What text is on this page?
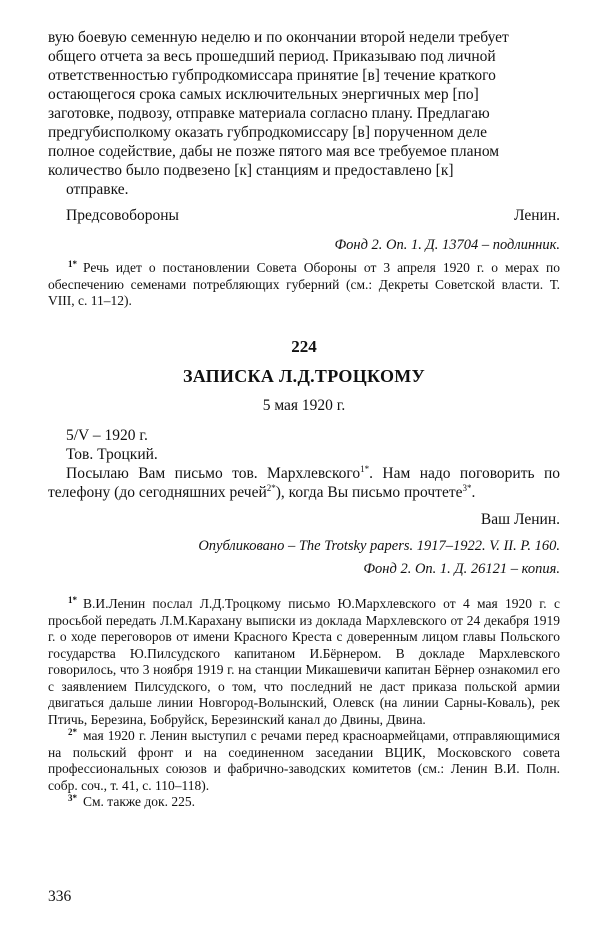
вую боевую семенную неделю и по окончании второй недели требует

общего отчета за весь прошедший период. Приказываю под личной

ответственностью губпродкомиссара принятие [в] течение краткого

остающегося срока самых исключительных энергичных мер [по]

заготовке, подвозу, отправке материала согласно плану. Предлагаю

предгубисполкому оказать губпродкомиссару [в] порученном деле

полное содействие, дабы не позже пятого мая все требуемое планом

количество было подвезено [к] станциям и предоставлено [к]

отправке.

Предсовобороны	Ленин.

Фонд 2. Оп. 1. Д. 13704 – подлинник.

$^{1*}$ Речь идет о постановлении Совета Обороны от 3 апреля 1920 г. о мерах по обеспечению семенами потребляющих губерний (см.: Декреты Советской власти. Т. VIII, с. 11–12).

224
ЗАПИСКА Л.Д.ТРОЦКОМУ
5 мая 1920 г.

5/V – 1920 г.

Тов. Троцкий.

Посылаю Вам письмо тов. Мархлевского$^{1*}$. Нам надо поговорить по телефону (до сегодняшних речей$^{2*}$), когда Вы письмо прочтете$^{3*}$.

Ваш Ленин.

Опубликовано – The Trotsky papers. 1917–1922. V. II. P. 160.

Фонд 2. Оп. 1. Д. 26121 – копия.

$^{1*}$ В.И.Ленин послал Л.Д.Троцкому письмо Ю.Мархлевского от 4 мая 1920 г. с просьбой передать Л.М.Карахану выписки из доклада Мархлевского от 24 декабря 1919 г. о ходе переговоров от имени Красного Креста с доверенным лицом главы Польского государства Ю.Пилсудского капитаном И.Бёрнером. В докладе Мархлевского говорилось, что 3 ноября 1919 г. на станции Микашевичи капитан Бёрнер ознакомил его с заявлением Пилсудского, о том, что последний не даст приказа польской армии двигаться дальше линии Новгород-Волынский, Олевск (на линии Сарны-Коваль), рек Птичь, Березина, Бобруйск, Березинский канал до Двины, Двина.

$^{2*}$ мая 1920 г. Ленин выступил с речами перед красноармейцами, отправляющимися на польский фронт и на соединенном заседании ВЦИК, Московского совета профессиональных союзов и фабрично-заводских комитетов (см.: Ленин В.И. Полн. собр. соч., т. 41, с. 110–118).

$^{3*}$ См. также док. 225.

336
